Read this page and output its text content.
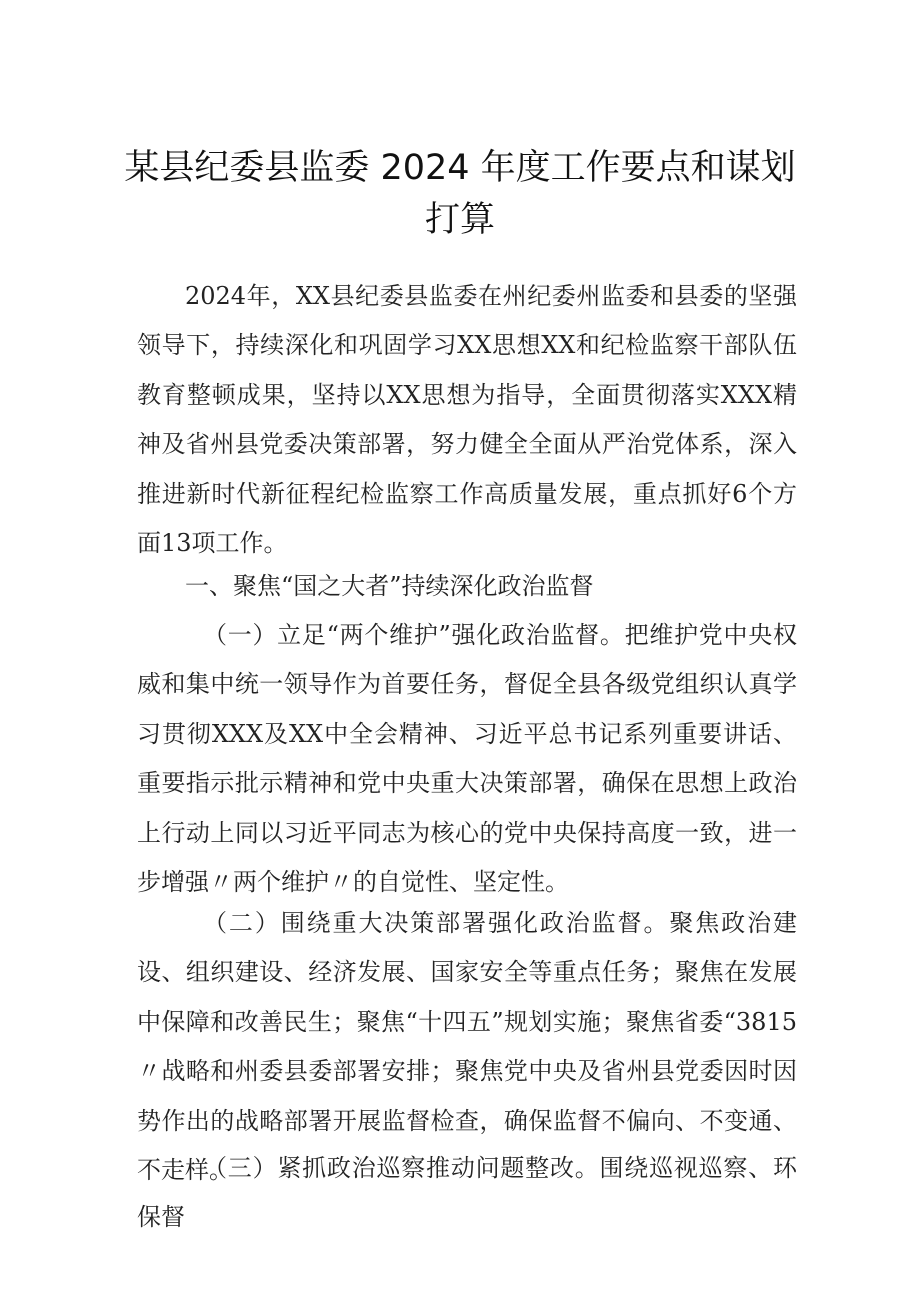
某县纪委县监委 2024 年度工作要点和谋划
打算

2024年，XX县纪委县监委在州纪委州监委和县委的坚强领导下，持续深化和巩固学习XX思想XX和纪检监察干部队伍教育整顿成果，坚持以XX思想为指导，全面贯彻落实XXX精神及省州县党委决策部署，努力健全全面从严治党体系，深入推进新时代新征程纪检监察工作高质量发展，重点抓好6个方面13项工作。

一、聚焦“国之大者”持续深化政治监督

（一）立足“两个维护”强化政治监督。把维护党中央权威和集中统一领导作为首要任务，督促全县各级党组织认真学习贯彻XXX及XX中全会精神、习近平总书记系列重要讲话、重要指示批示精神和党中央重大决策部署，确保在思想上政治上行动上同以习近平同志为核心的党中央保持高度一致，进一步增强〃两个维护〃的自觉性、坚定性。

（二）围绕重大决策部署强化政治监督。聚焦政治建设、组织建设、经济发展、国家安全等重点任务；聚焦在发展中保障和改善民生；聚焦“十四五”规划实施；聚焦省委“3815〃战略和州委县委部署安排；聚焦党中央及省州县党委因时因势作出的战略部署开展监督检查，确保监督不偏向、不变通、不走样。

（三）紧抓政治巡察推动问题整改。围绕巡视巡察、环保督
